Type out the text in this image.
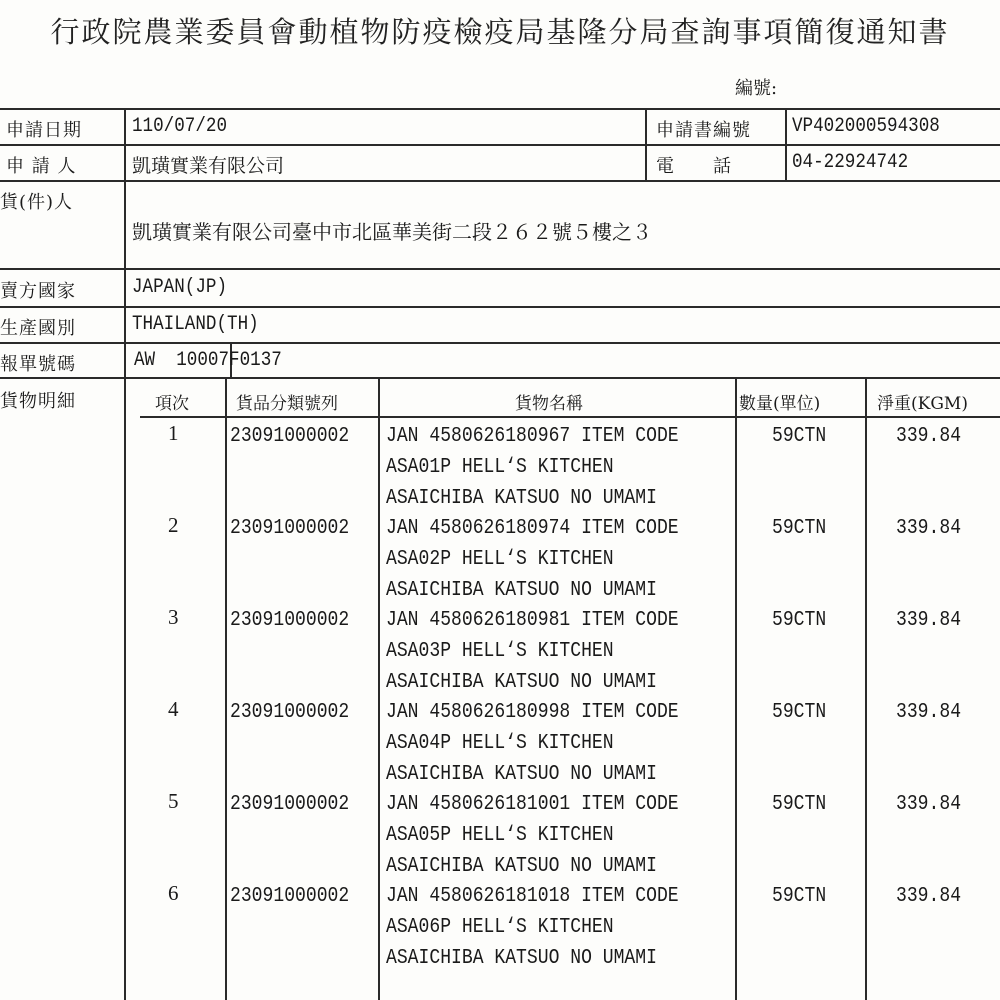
行政院農業委員會動植物防疫檢疫局基隆分局查詢事項簡復通知書
編號:
申請日期	110/07/20	申請書編號 VP402000594308
申 請 人	凱璜實業有限公司	電　　話	04-22924742
貨(件)人
凱璜實業有限公司臺中市北區華美街二段２６２號５樓之３
賣方國家	JAPAN(JP)
生產國別	THAILAND(TH)
報單號碼	AW  10007F0137
貨物明細	項次	貨品分類號列	貨物名稱	數量(單位)	淨重(KGM)
1 23091000002 JAN 4580626180967 ITEM CODE
ASA01P HELL‘S KITCHEN
ASAICHIBA KATSUO NO UMAMI
59CTN	339.84
2 23091000002 JAN 4580626180974 ITEM CODE
ASA02P HELL‘S KITCHEN
ASAICHIBA KATSUO NO UMAMI
59CTN	339.84
3 23091000002 JAN 4580626180981 ITEM CODE
ASA03P HELL‘S KITCHEN
ASAICHIBA KATSUO NO UMAMI
59CTN	339.84
4 23091000002 JAN 4580626180998 ITEM CODE
ASA04P HELL‘S KITCHEN
ASAICHIBA KATSUO NO UMAMI
59CTN	339.84
5 23091000002 JAN 4580626181001 ITEM CODE
ASA05P HELL‘S KITCHEN
ASAICHIBA KATSUO NO UMAMI
59CTN	339.84
6 23091000002 JAN 4580626181018 ITEM CODE
ASA06P HELL‘S KITCHEN
ASAICHIBA KATSUO NO UMAMI
59CTN	339.84
